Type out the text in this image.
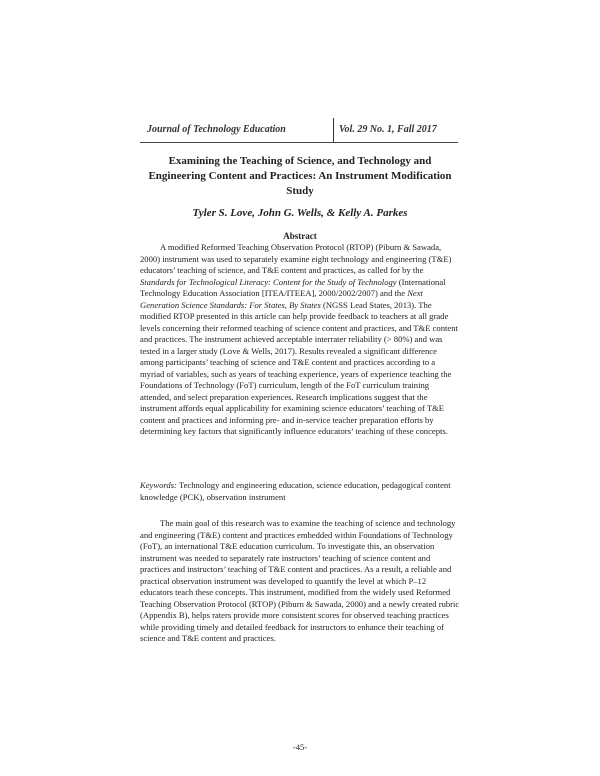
Journal of Technology Education	Vol. 29 No. 1, Fall 2017
Examining the Teaching of Science, and Technology and Engineering Content and Practices: An Instrument Modification Study
Tyler S. Love, John G. Wells, & Kelly A. Parkes
Abstract

A modified Reformed Teaching Observation Protocol (RTOP) (Piburn & Sawada, 2000) instrument was used to separately examine eight technology and engineering (T&E) educators’ teaching of science, and T&E content and practices, as called for by the Standards for Technological Literacy: Content for the Study of Technology (International Technology Education Association [ITEA/ITEEA], 2000/2002/2007) and the Next Generation Science Standards: For States, By States (NGSS Lead States, 2013). The modified RTOP presented in this article can help provide feedback to teachers at all grade levels concerning their reformed teaching of science content and practices, and T&E content and practices. The instrument achieved acceptable interrater reliability (> 80%) and was tested in a larger study (Love & Wells, 2017). Results revealed a significant difference among participants’ teaching of science and T&E content and practices according to a myriad of variables, such as years of teaching experience, years of experience teaching the Foundations of Technology (FoT) curriculum, length of the FoT curriculum training attended, and select preparation experiences. Research implications suggest that the instrument affords equal applicability for examining science educators’ teaching of T&E content and practices and informing pre- and in-service teacher preparation efforts by determining key factors that significantly influence educators’ teaching of these concepts.

Keywords: Technology and engineering education, science education, pedagogical content knowledge (PCK), observation instrument

The main goal of this research was to examine the teaching of science and technology and engineering (T&E) content and practices embedded within Foundations of Technology (FoT), an international T&E education curriculum. To investigate this, an observation instrument was needed to separately rate instructors’ teaching of science content and practices and instructors’ teaching of T&E content and practices. As a result, a reliable and practical observation instrument was developed to quantify the level at which P–12 educators teach these concepts. This instrument, modified from the widely used Reformed Teaching Observation Protocol (RTOP) (Piburn & Sawada, 2000) and a newly created rubric (Appendix B), helps raters provide more consistent scores for observed teaching practices while providing timely and detailed feedback for instructors to enhance their teaching of science and T&E content and practices.

-45-
